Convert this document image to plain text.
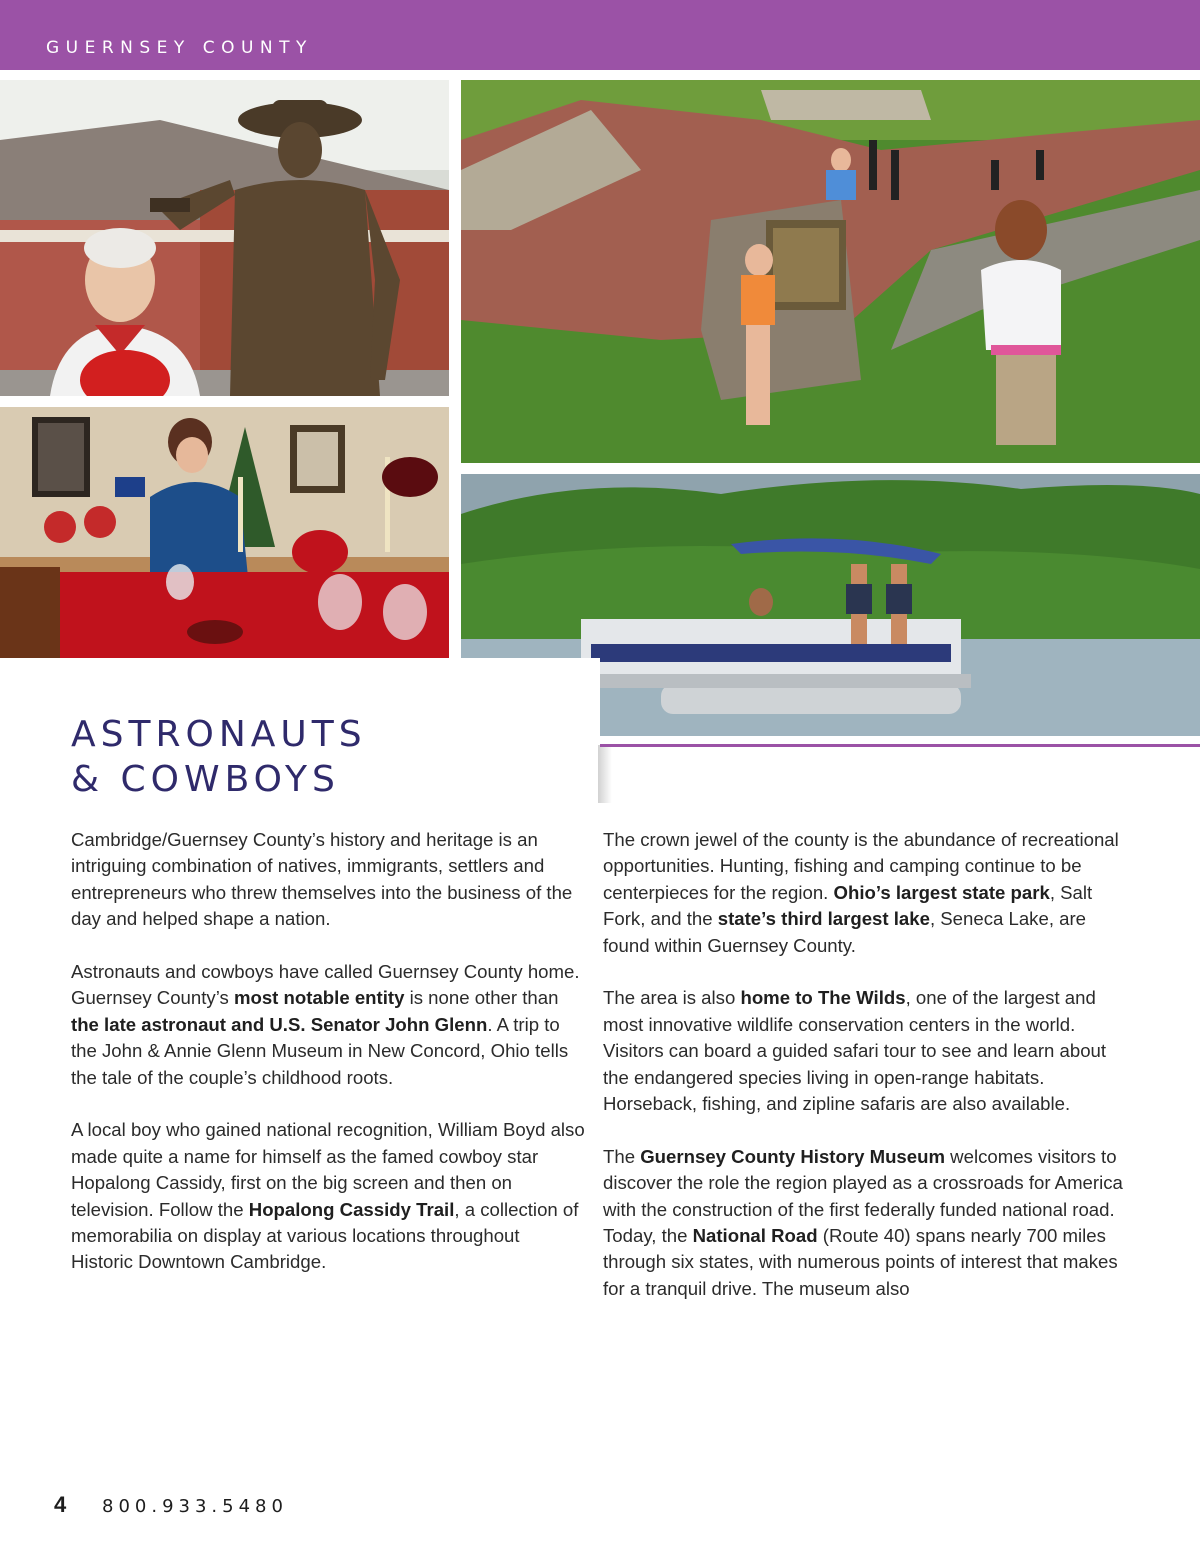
GUERNSEY COUNTY
ASTRONAUTS
& COWBOYS

Cambridge/Guernsey County’s history and heritage is an intriguing combination of natives, immigrants, settlers and entrepreneurs who threw themselves into the business of the day and helped shape a nation.

Astronauts and cowboys have called Guernsey County home. Guernsey County’s most notable entity is none other than the late astronaut and U.S. Senator John Glenn. A trip to the John & Annie Glenn Museum in New Concord, Ohio tells the tale of the couple’s childhood roots.

A local boy who gained national recognition, William Boyd also made quite a name for himself as the famed cowboy star Hopalong Cassidy, first on the big screen and then on television. Follow the Hopalong Cassidy Trail, a collection of memorabilia on display at various locations throughout Historic Downtown Cambridge.

The crown jewel of the county is the abundance of recreational opportunities. Hunting, fishing and camping continue to be centerpieces for the region. Ohio’s largest state park, Salt Fork, and the state’s third largest lake, Seneca Lake, are found within Guernsey County.

The area is also home to The Wilds, one of the largest and most innovative wildlife conservation centers in the world. Visitors can board a guided safari tour to see and learn about the endangered species living in open-range habitats. Horseback, fishing, and zipline safaris are also available.

The Guernsey County History Museum welcomes visitors to discover the role the region played as a crossroads for America with the construction of the first federally funded national road. Today, the National Road (Route 40) spans nearly 700 miles through six states, with numerous points of interest that makes for a tranquil drive. The museum also

4 800.933.5480
